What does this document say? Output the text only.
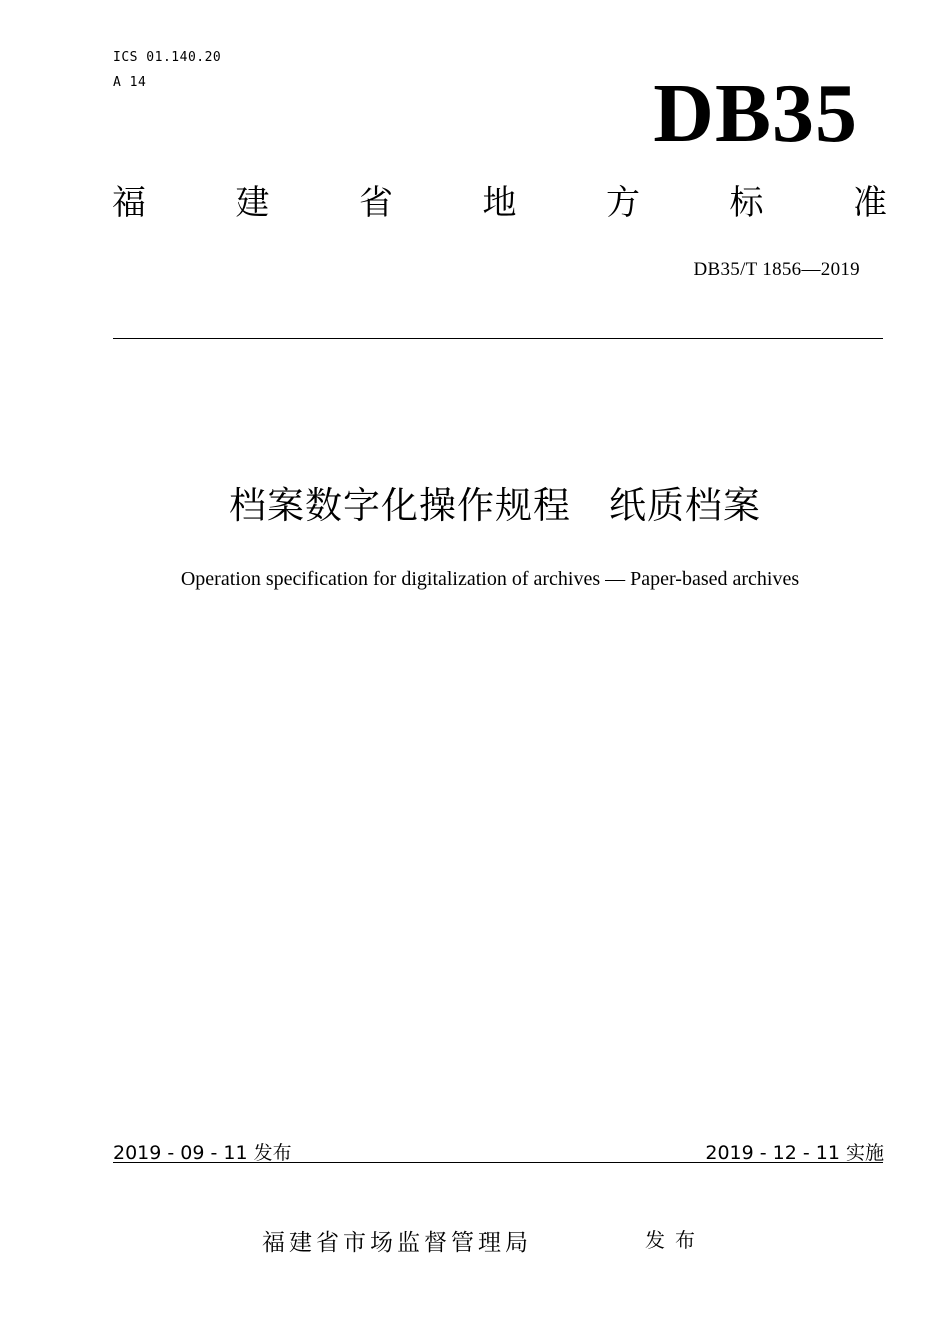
ICS 01.140.20
A 14	DB35
福	建	省	地	方	标	准
DB35/T 1856—2019
档案数字化操作规程　纸质档案
Operation specification for digitalization of archives — Paper-based archives
2019 - 09 - 11 发布	2019 - 12 - 11 实施
福建省市场监督管理局	发布
